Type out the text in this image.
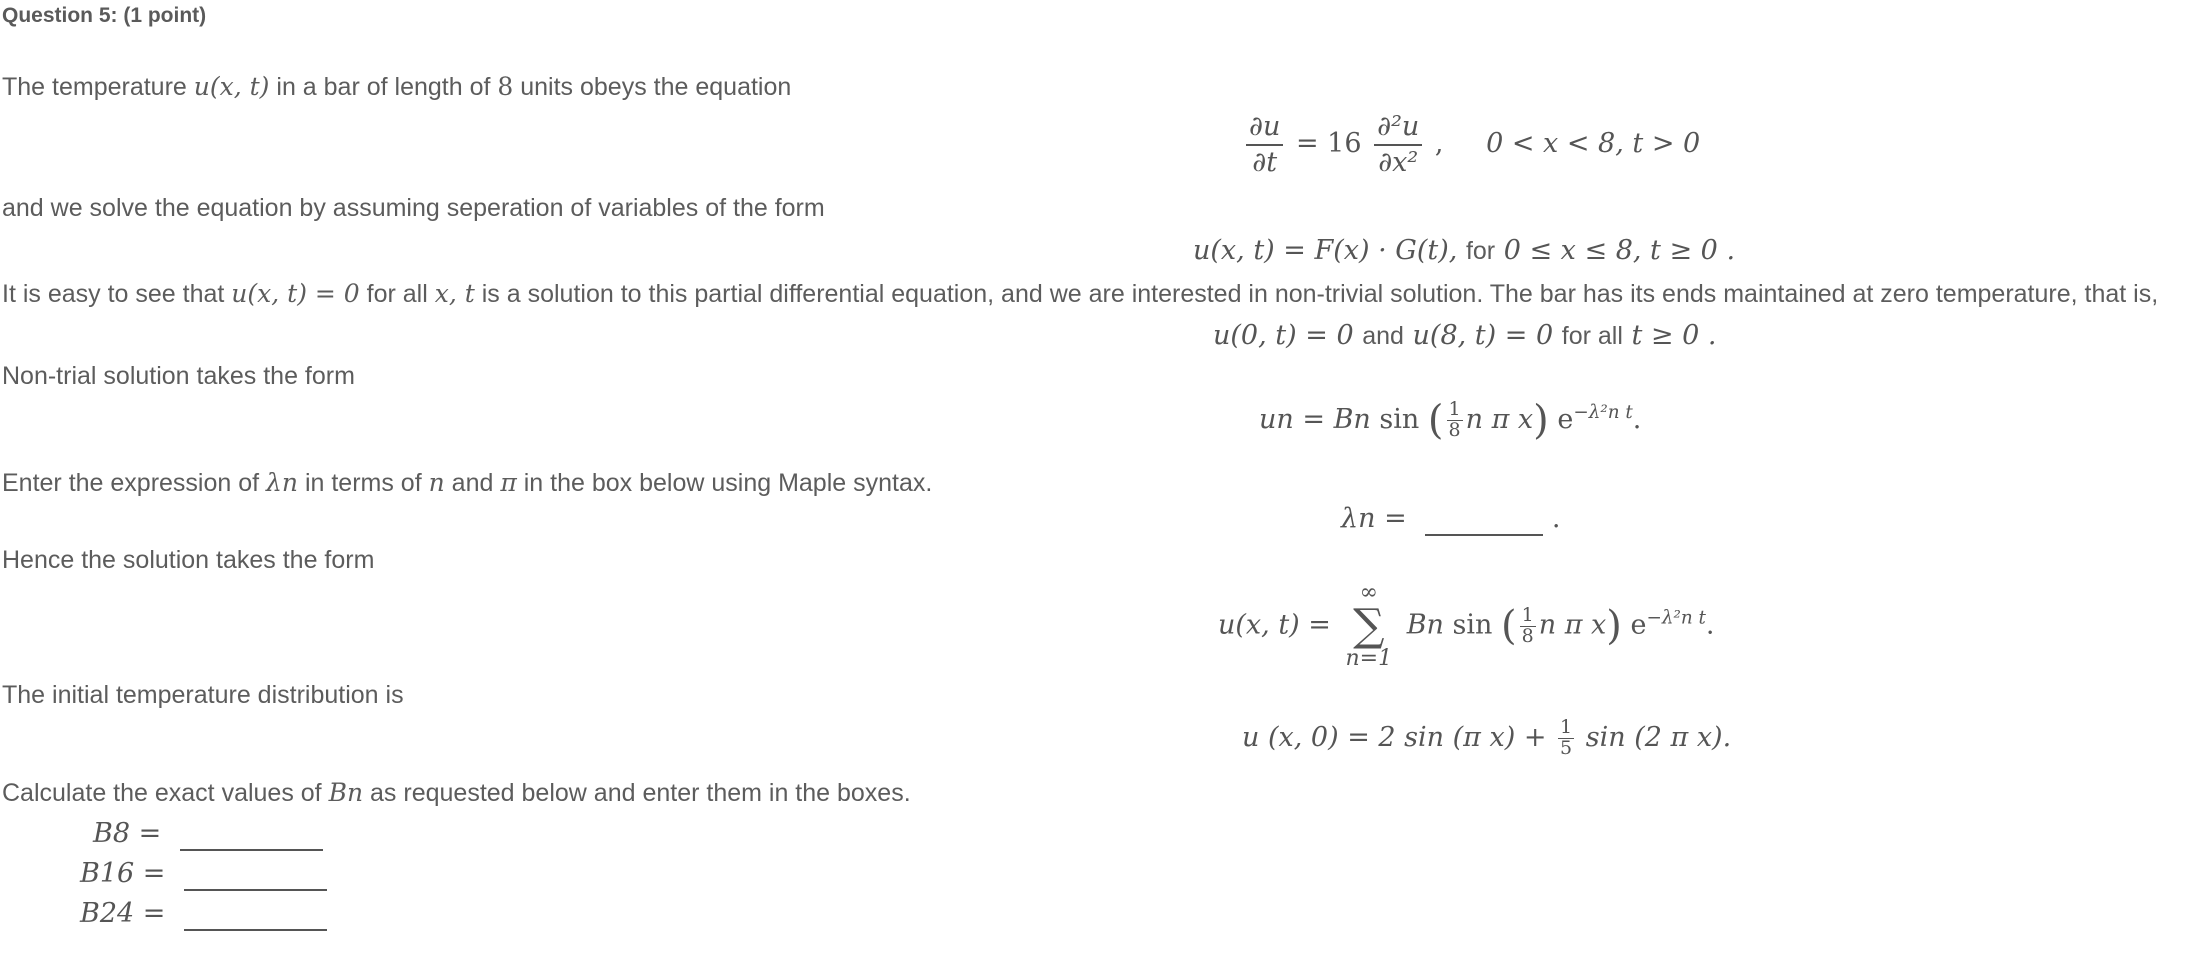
Question 5: (1 point)
The temperature u(x, t) in a bar of length of 8 units obeys the equation
$\frac{\partial u}{\partial t} = 16 \frac{\text{∂²u}}{\text{∂x²}}$ , 0 < x < 8, t > 0
and we solve the equation by assuming seperation of variables of the form
u(x, t) = F(x) · G(t), for 0 ≤ x ≤ 8, t ≥ 0 .
It is easy to see that u(x, t) = 0 for all x, t is a solution to this partial differential equation, and we are interested in non-trivial solution. The bar has its ends maintained at zero temperature, that is,
u(0, t) = 0 and u(8, t) = 0 for all t ≥ 0 .
Non-trial solution takes the form
un = Bn sin ( $\frac{1}{8}$ n π x) $e^{-\lambda^2n t}$.
Enter the expression of λn in terms of n and π in the box below using Maple syntax.
λn =	.
Hence the solution takes the form
u(x, t) =
∞
∑
n=1
Bn sin ( $\frac{1}{8}$ n π x) $e^{-\lambda^2n t}$.
The initial temperature distribution is
u (x, 0) = 2 sin (π $x) + \frac{1}{5}$ sin (2 π x).
Calculate the exact values of Bn as requested below and enter them in the boxes.
B8 =
B16 =
B24 =
